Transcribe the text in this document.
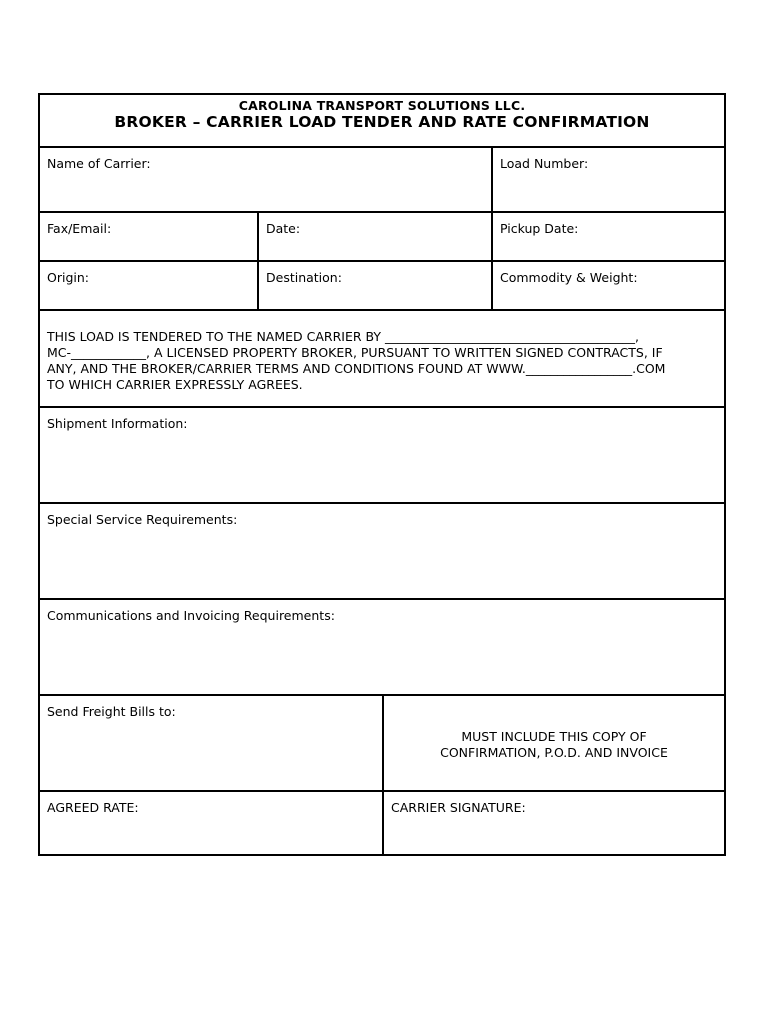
CAROLINA TRANSPORT SOLUTIONS LLC.
BROKER – CARRIER LOAD TENDER AND RATE CONFIRMATION
Name of Carrier:	Load Number:
Fax/Email:	Date:	Pickup Date:
Origin:	Destination:	Commodity & Weight:
THIS LOAD IS TENDERED TO THE NAMED CARRIER BY ________________________________________,
MC-____________, A LICENSED PROPERTY BROKER, PURSUANT TO WRITTEN SIGNED CONTRACTS, IF
ANY, AND THE BROKER/CARRIER TERMS AND CONDITIONS FOUND AT WWW._________________.COM
TO WHICH CARRIER EXPRESSLY AGREES.
Shipment Information:
Special Service Requirements:
Communications and Invoicing Requirements:
Send Freight Bills to:
MUST INCLUDE THIS COPY OF
CONFIRMATION, P.O.D. AND INVOICE
AGREED RATE:	CARRIER SIGNATURE:
